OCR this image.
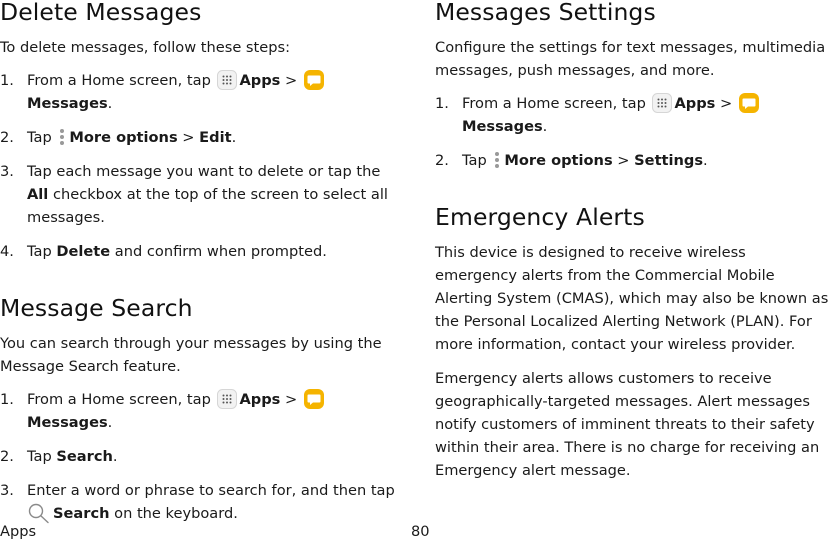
Delete Messages

To delete messages, follow these steps:

1. From a Home screen, tap Apps >
Messages.
2. Tap More options > Edit.
3. Tap each message you want to delete or tap the All checkbox at the top of the screen to select all messages.
4. Tap Delete and confirm when prompted.
Message Search

You can search through your messages by using the Message Search feature.

1. From a Home screen, tap Apps >
Messages.
2. Tap Search.
3. Enter a word or phrase to search for, and then tap
Search on the keyboard.
Messages Settings

Configure the settings for text messages, multimedia messages, push messages, and more.

1. From a Home screen, tap Apps >
Messages.
2. Tap More options > Settings.
Emergency Alerts

This device is designed to receive wireless emergency alerts from the Commercial Mobile Alerting System (CMAS), which may also be known as the Personal Localized Alerting Network (PLAN). For more information, contact your wireless provider.

Emergency alerts allows customers to receive geographically-targeted messages. Alert messages notify customers of imminent threats to their safety within their area. There is no charge for receiving an Emergency alert message.

Apps	80
